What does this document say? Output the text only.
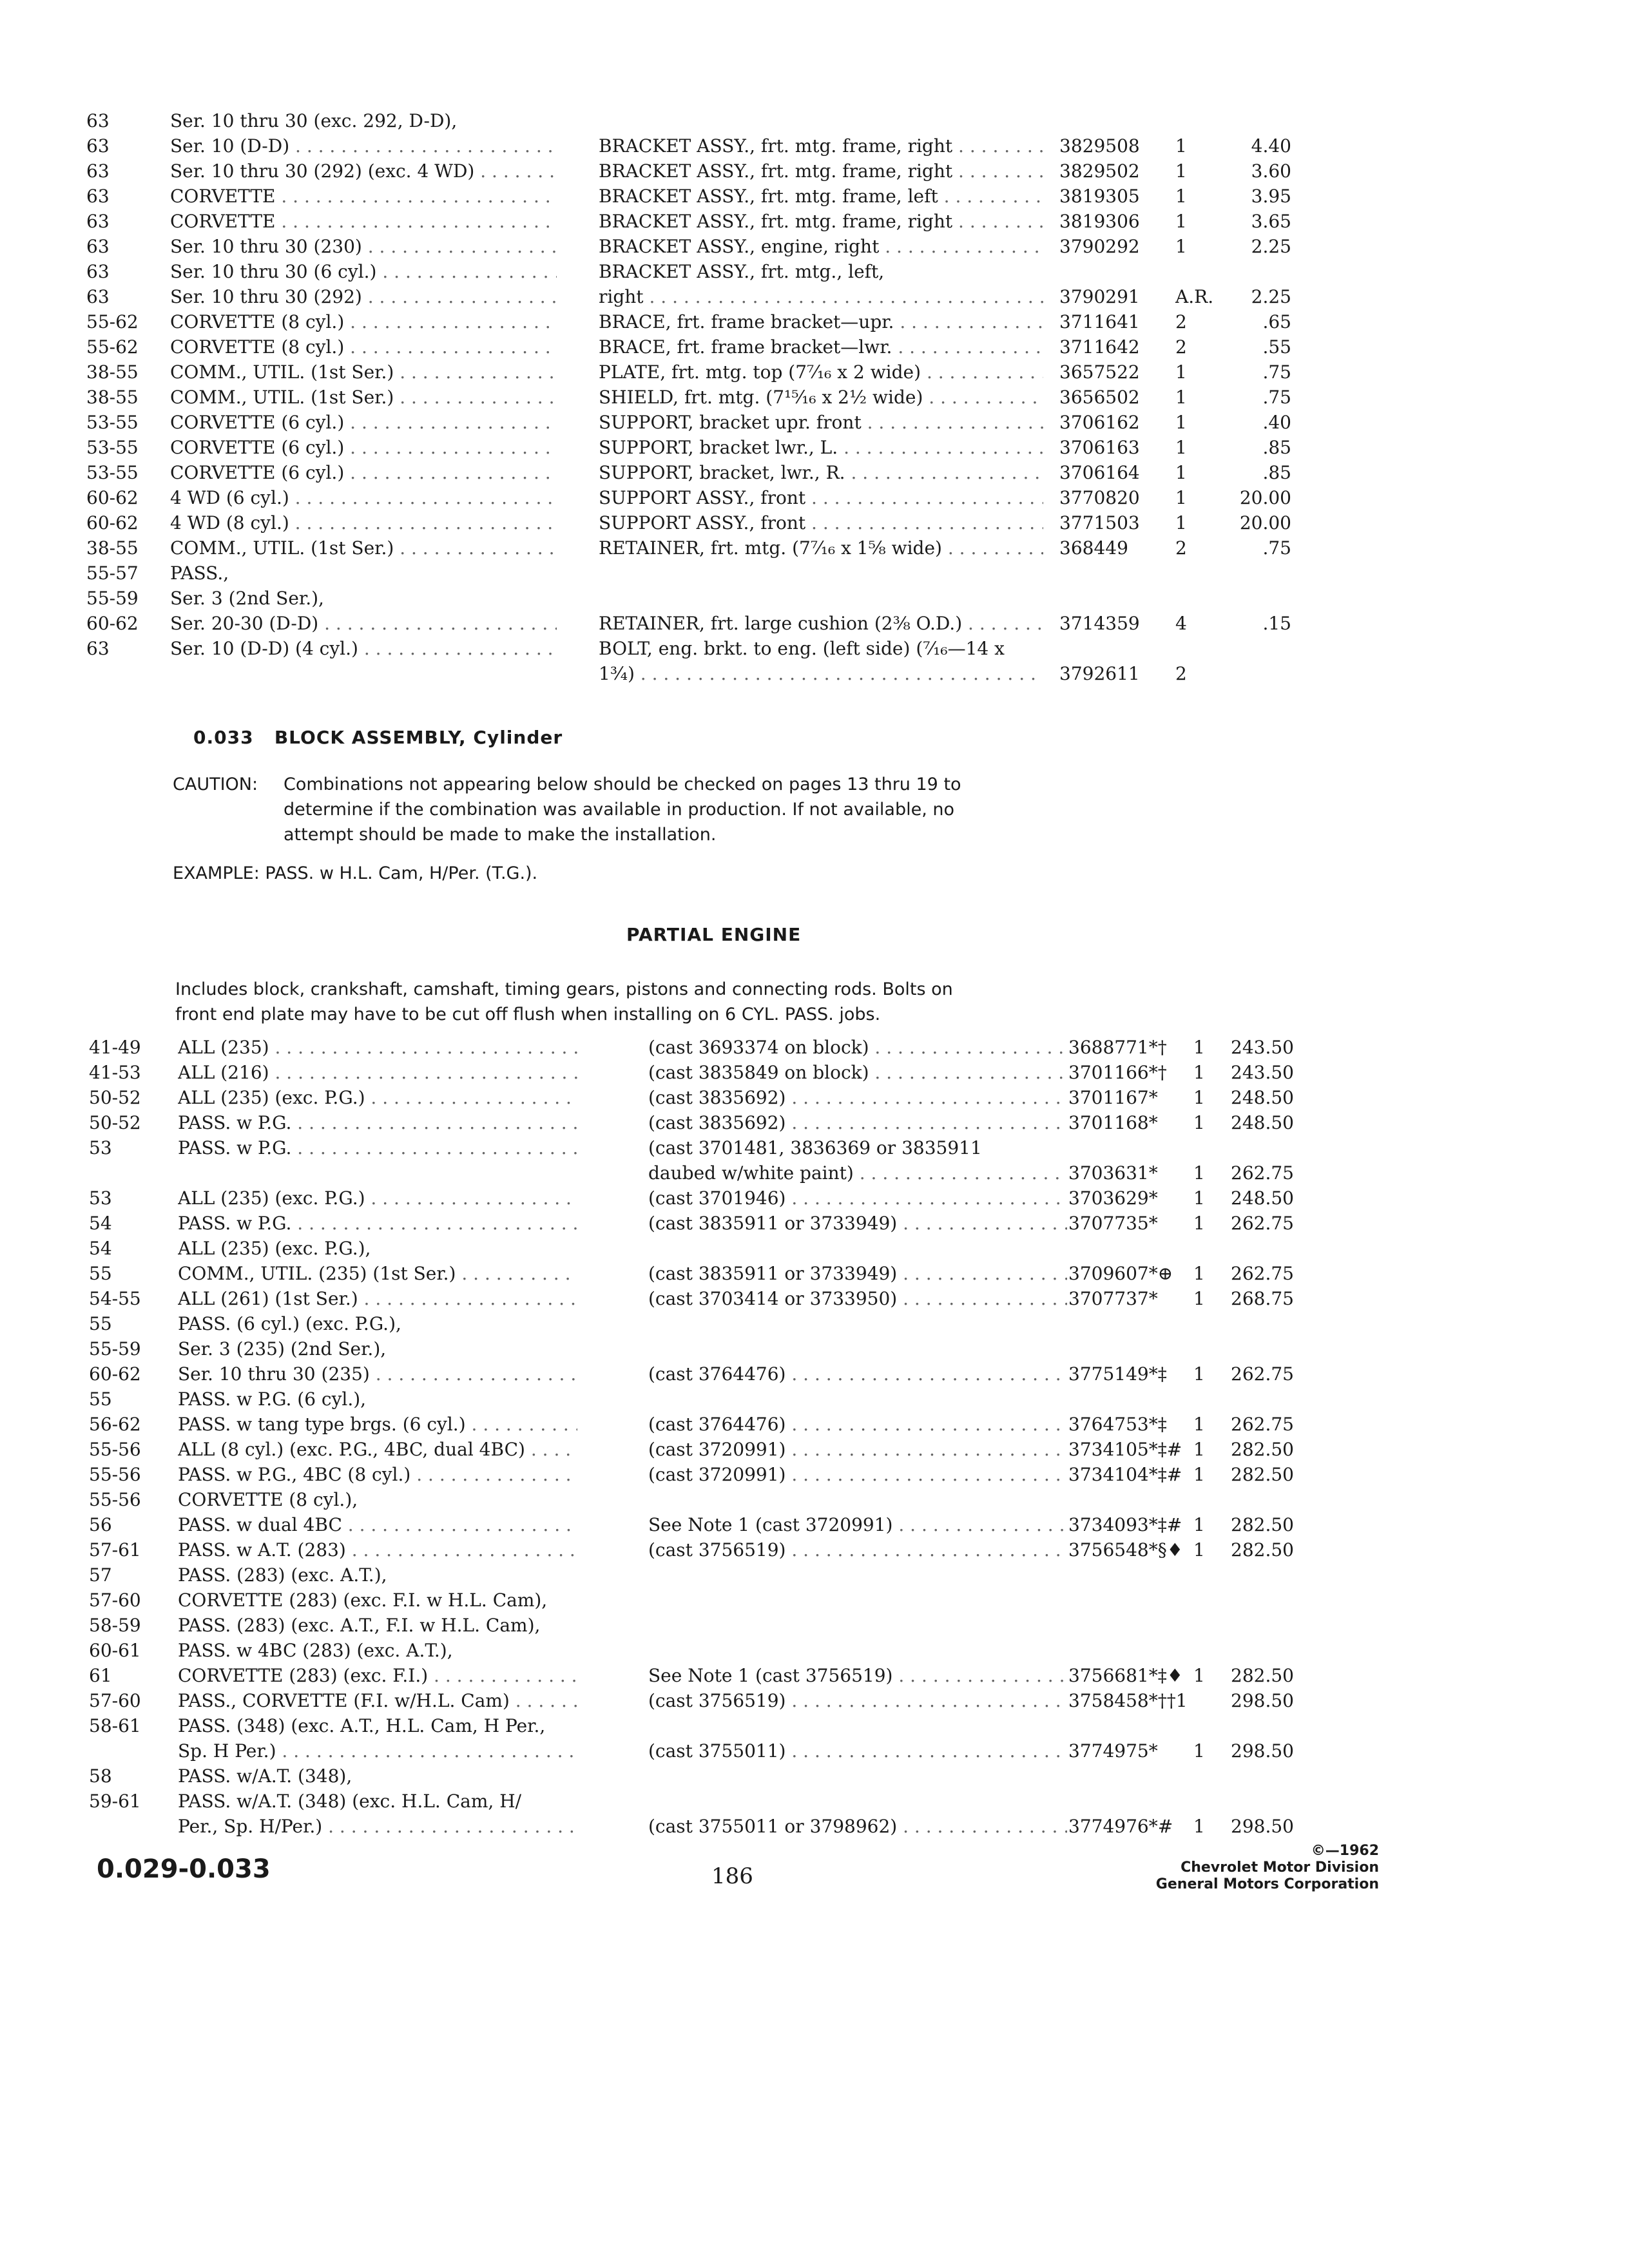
63	Ser. 10 thru 30 (exc. 292, D-D),
63	Ser. 10 (D-D) . . .	BRACKET ASSY., frt. mtg. frame, right . . .	3829508 1	4.40
63	Ser. 10 thru 30 (292) (exc. 4 WD) . . .	BRACKET ASSY., frt. mtg. frame, right . . .	3829502 1	3.60
63	CORVETTE . . .	BRACKET ASSY., frt. mtg. frame, left . . .	3819305 1	3.95
63	CORVETTE . . .	BRACKET ASSY., frt. mtg. frame, right . . .	3819306 1	3.65
63	Ser. 10 thru 30 (230) . . .	BRACKET ASSY., engine, right . . .	3790292 1	2.25
63	Ser. 10 thru 30 (6 cyl.) . . .	BRACKET ASSY., frt. mtg., left,
63	Ser. 10 thru 30 (292) . . .	right . . .	3790291 A.R.	2.25
55-62	CORVETTE (8 cyl.) . . .	BRACE, frt. frame bracket—upr. . . .	3711641 2	.65
55-62	CORVETTE (8 cyl.) . . .	BRACE, frt. frame bracket—lwr. . . .	3711642 2	.55
38-55	COMM., UTIL. (1st Ser.) . . .	PLATE, frt. mtg. top (7⁷⁄₁₆ x 2 wide) . . .	3657522 1	.75
38-55	COMM., UTIL. (1st Ser.) . . .	SHIELD, frt. mtg. (7¹⁵⁄₁₆ x 2½ wide) . . .	3656502 1	.75
53-55	CORVETTE (6 cyl.) . . .	SUPPORT, bracket upr. front . . .	3706162 1	.40
53-55	CORVETTE (6 cyl.) . . .	SUPPORT, bracket lwr., L. . . .	3706163 1	.85
53-55	CORVETTE (6 cyl.) . . .	SUPPORT, bracket, lwr., R. . . .	3706164 1	.85
60-62	4 WD (6 cyl.) . . .	SUPPORT ASSY., front . . .	3770820 1	20.00
60-62	4 WD (8 cyl.) . . .	SUPPORT ASSY., front . . .	3771503 1	20.00
38-55	COMM., UTIL. (1st Ser.) . . .	RETAINER, frt. mtg. (7⁷⁄₁₆ x 1⁵⁄₈ wide) . . .	368449	2	.75
55-57	PASS.,
55-59	Ser. 3 (2nd Ser.),
60-62	Ser. 20-30 (D-D) . . .	RETAINER, frt. large cushion (2⅜ O.D.) . . .	3714359 4	.15
63	Ser. 10 (D-D) (4 cyl.) . . .	BOLT, eng. brkt. to eng. (left side) (⁷⁄₁₆—14 x
1³⁄₄) . . .	3792611 2
0.033 BLOCK ASSEMBLY, Cylinder
CAUTION: Combinations not appearing below should be checked on pages 13 thru 19 to
determine if the combination was available in production. If not available, no
attempt should be made to make the installation.
EXAMPLE: PASS. w H.L. Cam, H/Per. (T.G.).
PARTIAL ENGINE
Includes block, crankshaft, camshaft, timing gears, pistons and connecting rods. Bolts on
front end plate may have to be cut off flush when installing on 6 CYL. PASS. jobs.
41-49	ALL (235) . . .	(cast 3693374 on block) . . .	3688771*† 1	243.50
41-53	ALL (216) . . .	(cast 3835849 on block) . . .	3701166*† 1	243.50
50-52	ALL (235) (exc. P.G.) . . .	(cast 3835692) . . .	3701167* 1	248.50
50-52	PASS. w P.G. . . .	(cast 3835692) . . .	3701168* 1	248.50
53	PASS. w P.G. . . .	(cast 3701481, 3836369 or 3835911
daubed w/white paint) . . .	3703631* 1	262.75
53	ALL (235) (exc. P.G.) . . .	(cast 3701946) . . .	3703629* 1	248.50
54	PASS. w P.G. . . .	(cast 3835911 or 3733949) . . .	3707735* 1	262.75
54	ALL (235) (exc. P.G.),
55	COMM., UTIL. (235) (1st Ser.) . . .	(cast 3835911 or 3733949) . . .	3709607*⊕ 1	262.75
54-55	ALL (261) (1st Ser.) . . .	(cast 3703414 or 3733950) . . .	3707737* 1	268.75
55	PASS. (6 cyl.) (exc. P.G.),
55-59	Ser. 3 (235) (2nd Ser.),
60-62	Ser. 10 thru 30 (235) . . .	(cast 3764476) . . .	3775149*‡ 1	262.75
55	PASS. w P.G. (6 cyl.),
56-62	PASS. w tang type brgs. (6 cyl.) . . .	(cast 3764476) . . .	3764753*‡ 1	262.75
55-56	ALL (8 cyl.) (exc. P.G., 4BC, dual 4BC) . . .	(cast 3720991) . . .	3734105*‡# 1	282.50
55-56	PASS. w P.G., 4BC (8 cyl.) . . .	(cast 3720991) . . .	3734104*‡# 1	282.50
55-56	CORVETTE (8 cyl.),
56	PASS. w dual 4BC . . .	See Note 1 (cast 3720991) . . .	3734093*‡# 1	282.50
57-61	PASS. w A.T. (283) . . .	(cast 3756519) . . .	3756548*§♦ 1	282.50
57	PASS. (283) (exc. A.T.),
57-60	CORVETTE (283) (exc. F.I. w H.L. Cam),
58-59	PASS. (283) (exc. A.T., F.I. w H.L. Cam),
60-61	PASS. w 4BC (283) (exc. A.T.),
61	CORVETTE (283) (exc. F.I.) . . .	See Note 1 (cast 3756519) . . .	3756681*‡♦ 1	282.50
57-60	PASS., CORVETTE (F.I. w/H.L. Cam) . . .	(cast 3756519) . . .	3758458*††1	298.50
58-61	PASS. (348) (exc. A.T., H.L. Cam, H Per.,
Sp. H Per.) . . .	(cast 3755011) . . .	3774975* 1	298.50
58	PASS. w/A.T. (348),
59-61	PASS. w/A.T. (348) (exc. H.L. Cam, H/
Per., Sp. H/Per.) . . .	(cast 3755011 or 3798962) . . .	3774976*# 1	298.50
0.029-0.033	186
©—1962
Chevrolet Motor Division
General Motors Corporation
